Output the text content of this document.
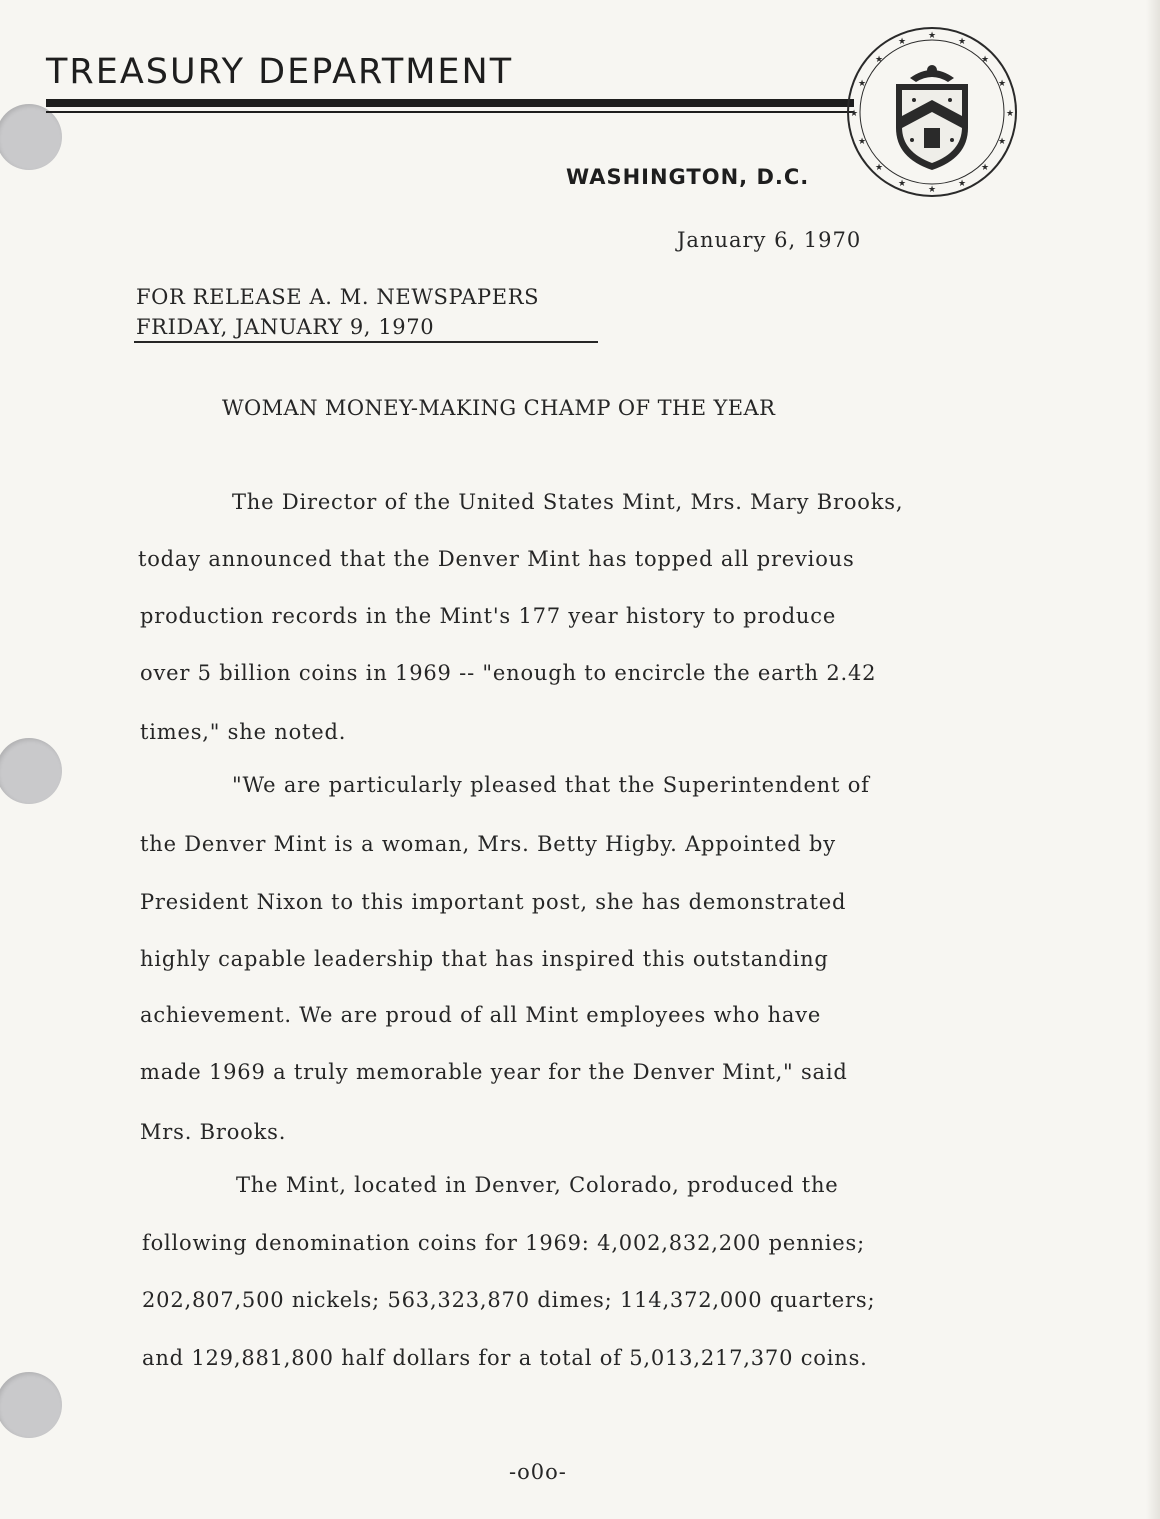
TREASURY DEPARTMENT
WASHINGTON, D.C.
★
★
★	★
★	★
★	★
★	★
★	★
★	★
★	★
January 6, 1970
FOR RELEASE A. M. NEWSPAPERS
FRIDAY, JANUARY 9, 1970
WOMAN MONEY-MAKING CHAMP OF THE YEAR
The Director of the United States Mint, Mrs. Mary Brooks,
today announced that the Denver Mint has topped all previous
production records in the Mint's 177 year history to produce
over 5 billion coins in 1969 -- "enough to encircle the earth 2.42
times," she noted.
"We are particularly pleased that the Superintendent of
the Denver Mint is a woman, Mrs. Betty Higby. Appointed by
President Nixon to this important post, she has demonstrated
highly capable leadership that has inspired this outstanding
achievement. We are proud of all Mint employees who have
made 1969 a truly memorable year for the Denver Mint," said
Mrs. Brooks.
The Mint, located in Denver, Colorado, produced the
following denomination coins for 1969: 4,002,832,200 pennies;
202,807,500 nickels; 563,323,870 dimes; 114,372,000 quarters;
and 129,881,800 half dollars for a total of 5,013,217,370 coins.
-o0o-
